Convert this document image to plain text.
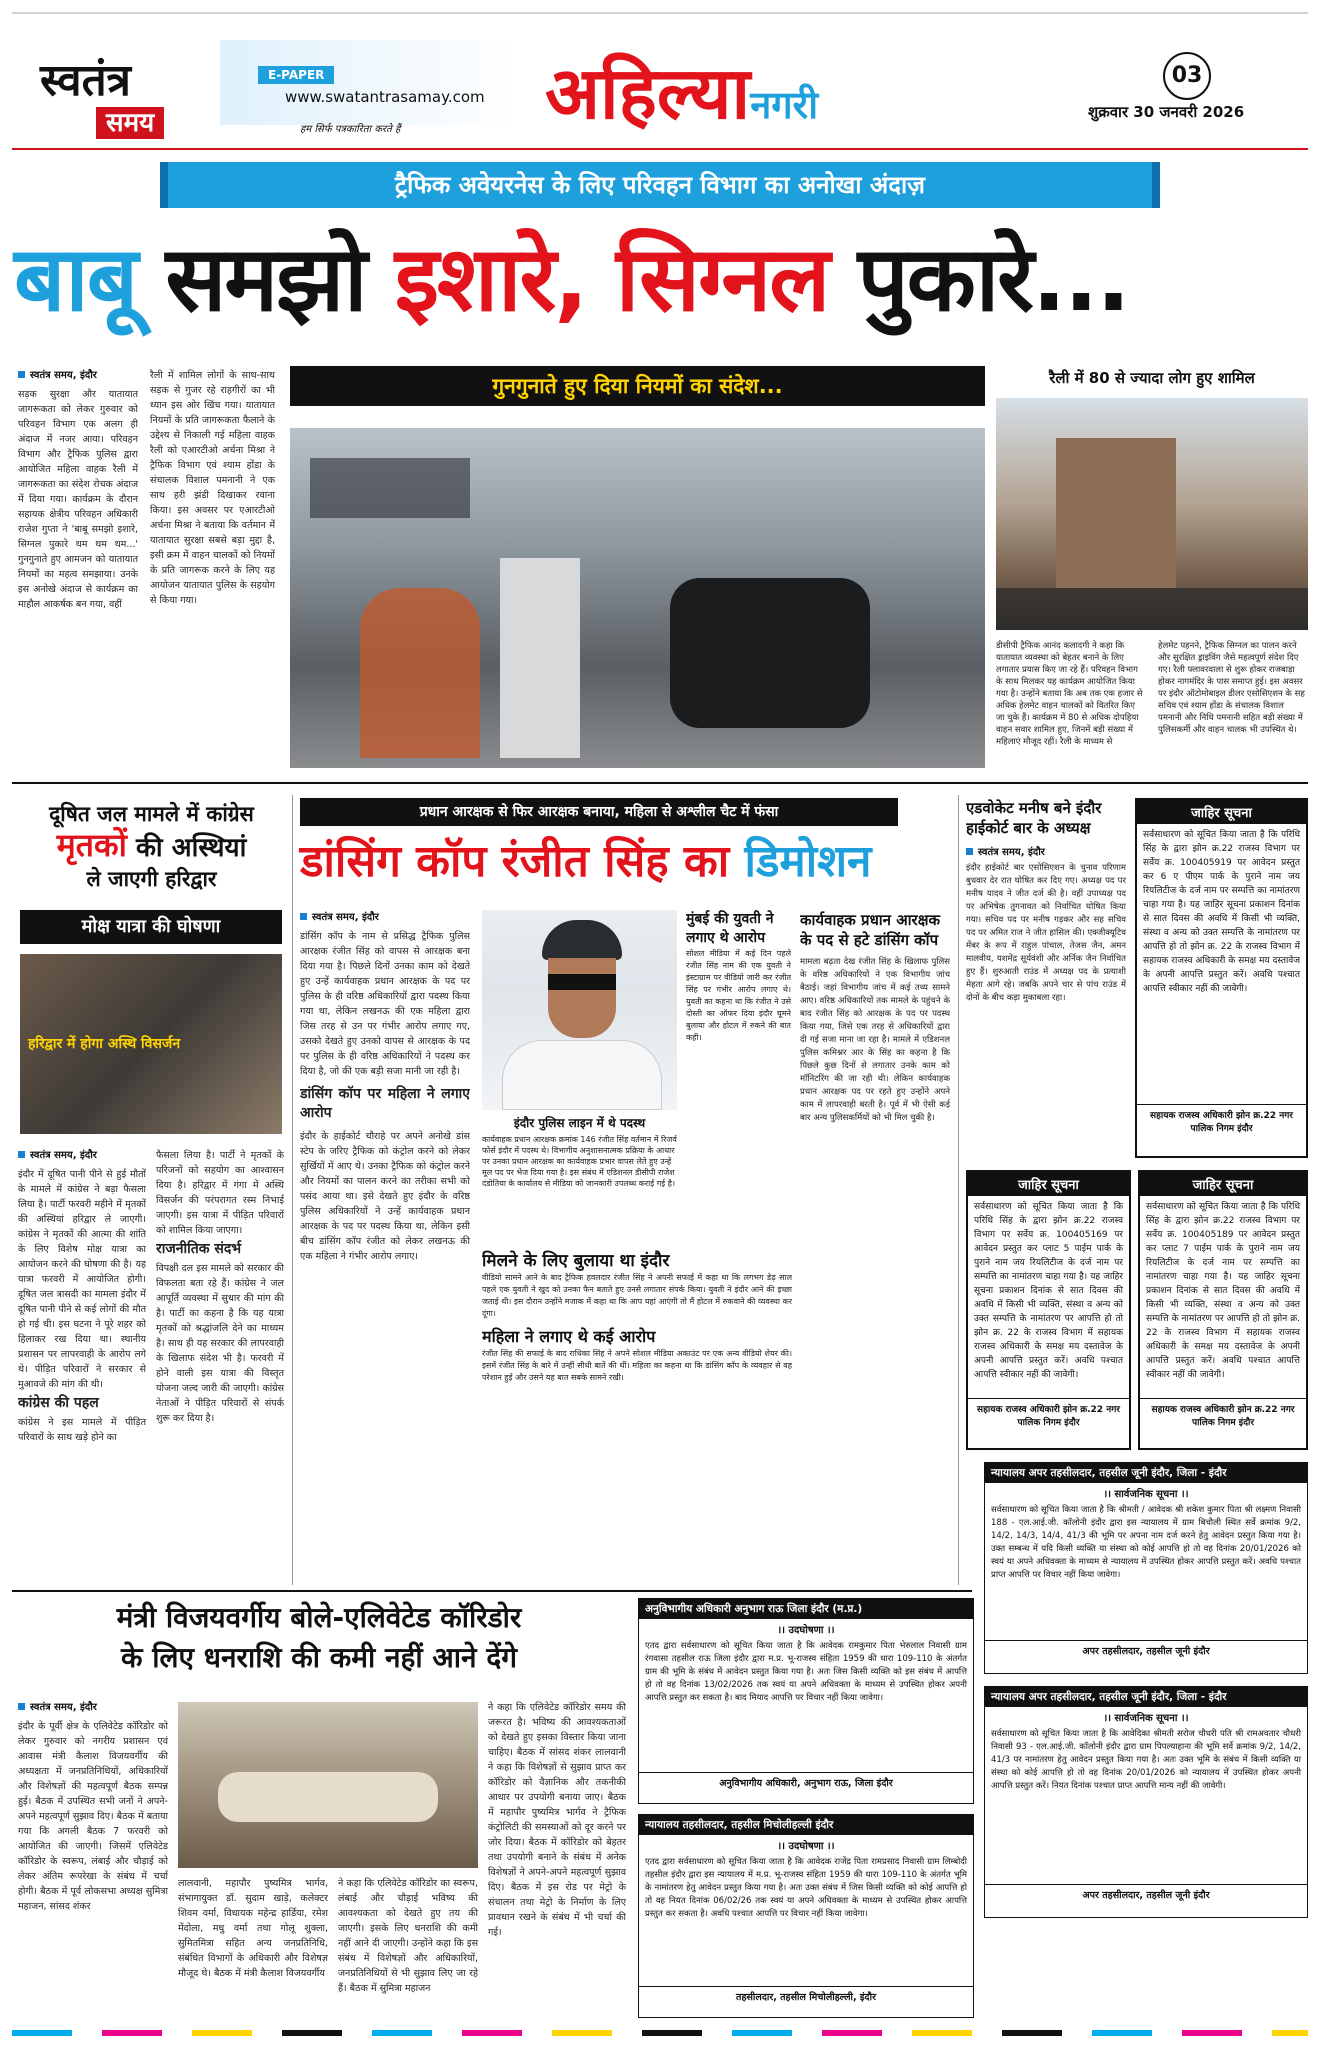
स्वतंत्र
समय
E-PAPER
www.swatantrasamay.com
हम सिर्फ पत्रकारिता करते हैं अहिल्यानगरी
03
शुक्रवार 30 जनवरी 2026
ट्रैफिक अवेयरनेस के लिए परिवहन विभाग का अनोखा अंदाज़
बाबू समझो इशारे, सिग्नल पुकारे...
स्वतंत्र समय, इंदौर
सड़क सुरक्षा और यातायात जागरूकता को लेकर गुरुवार को परिवहन विभाग एक अलग ही अंदाज में नजर आया। परिवहन विभाग और ट्रैफिक पुलिस द्वारा आयोजित महिला वाहक रैली में जागरूकता का संदेश रोचक अंदाज में दिया गया। कार्यक्रम के दौरान सहायक क्षेत्रीय परिवहन अधिकारी राजेश गुप्ता ने 'बाबू समझो इशारे, सिग्नल पुकारे थम थम थम...' गुनगुनाते हुए आमजन को यातायात नियमों का महत्व समझाया। उनके इस अनोखे अंदाज से कार्यक्रम का माहौल आकर्षक बन गया, वहीं
रैली में शामिल लोगों के साथ-साथ सड़क से गुजर रहे राहगीरों का भी ध्यान इस ओर खिंच गया। यातायात नियमों के प्रति जागरूकता फैलाने के उद्देश्य से निकाली गई महिला वाहक रैली को एआरटीओ अर्चना मिश्रा ने ट्रैफिक विभाग एवं श्याम होंडा के संचालक विशाल पमनानी ने एक साथ हरी झंडी दिखाकर रवाना किया। इस अवसर पर एआरटीओ अर्चना मिश्रा ने बताया कि वर्तमान में यातायात सुरक्षा सबसे बड़ा मुद्दा है, इसी क्रम में वाहन चालकों को नियमों के प्रति जागरूक करने के लिए यह आयोजन यातायात पुलिस के सहयोग से किया गया।
गुनगुनाते हुए दिया नियमों का संदेश...	रैली में 80 से ज्यादा लोग हुए शामिल
डीसीपी ट्रैफिक आनंद कलादगी ने कहा कि यातायात व्यवस्था को बेहतर बनाने के लिए लगातार प्रयास किए जा रहे हैं। परिवहन विभाग के साथ मिलकर यह कार्यक्रम आयोजित किया गया है। उन्होंने बताया कि अब तक एक हजार से अधिक हेलमेट वाहन चालकों को वितरित किए जा चुके हैं। कार्यक्रम में 80 से अधिक दोपहिया वाहन सवार शामिल हुए, जिनमें बड़ी संख्या में महिलाएं मौजूद रहीं। रैली के माध्यम से
हेलमेट पहनने, ट्रैफिक सिग्नल का पालन करने और सुरक्षित ड्राइविंग जैसे महत्वपूर्ण संदेश दिए गए। रैली फ्लावरवाला से शुरू होकर राजबाड़ा होकर नागमंदिर के पास समाप्त हुई। इस अवसर पर इंदौर ऑटोमोबाइल डीलर एसोसिएशन के सह सचिव एवं श्याम होंडा के संचालक विशाल पमनानी और निधि पमनानी सहित बड़ी संख्या में पुलिसकर्मी और वाहन चालक भी उपस्थित थे।
दूषित जल मामले में कांग्रेस
मृतकों की अस्थियां
ले जाएगी हरिद्वार
मोक्ष यात्रा की घोषणा
हरिद्वार में होगा अस्थि विसर्जन
स्वतंत्र समय, इंदौर
इंदौर में दूषित पानी पीने से हुई मौतों के मामले में कांग्रेस ने बड़ा फैसला लिया है। पार्टी फरवरी महीने में मृतकों की अस्थियां हरिद्वार ले जाएगी। कांग्रेस ने मृतकों की आत्मा की शांति के लिए विशेष मोक्ष यात्रा का आयोजन करने की घोषणा की है। यह यात्रा फरवरी में आयोजित होगी। दूषित जल त्रासदी का मामला इंदौर में दूषित पानी पीने से कई लोगों की मौत हो गई थी। इस घटना ने पूरे शहर को हिलाकर रख दिया था। स्थानीय प्रशासन पर लापरवाही के आरोप लगे थे। पीड़ित परिवारों ने सरकार से मुआवजे की मांग की थी।
कांग्रेस की पहल
कांग्रेस ने इस मामले में पीड़ित परिवारों के साथ खड़े होने का
फैसला लिया है। पार्टी ने मृतकों के परिजनों को सहयोग का आश्वासन दिया है। हरिद्वार में गंगा में अस्थि विसर्जन की परंपरागत रस्म निभाई जाएगी। इस यात्रा में पीड़ित परिवारों को शामिल किया जाएगा।
राजनीतिक संदर्भ
विपक्षी दल इस मामले को सरकार की विफलता बता रहे हैं। कांग्रेस ने जल आपूर्ति व्यवस्था में सुधार की मांग की है। पार्टी का कहना है कि यह यात्रा मृतकों को श्रद्धांजलि देने का माध्यम है। साथ ही यह सरकार की लापरवाही के खिलाफ संदेश भी है। फरवरी में होने वाली इस यात्रा की विस्तृत योजना जल्द जारी की जाएगी। कांग्रेस नेताओं ने पीड़ित परिवारों से संपर्क शुरू कर दिया है।
प्रधान आरक्षक से फिर आरक्षक बनाया, महिला से अश्लील चैट में फंसा
डांसिंग कॉप रंजीत सिंह का डिमोशन
स्वतंत्र समय, इंदौर
डांसिंग कॉप के नाम से प्रसिद्ध ट्रैफिक पुलिस आरक्षक रंजीत सिंह को वापस से आरक्षक बना दिया गया है। पिछले दिनों उनका काम को देखते हुए उन्हें कार्यवाहक प्रधान आरक्षक के पद पर पुलिस के ही वरिष्ठ अधिकारियों द्वारा पदस्थ किया गया था, लेकिन लखनऊ की एक महिला द्वारा जिस तरह से उन पर गंभीर आरोप लगाए गए, उसको देखते हुए उनको वापस से आरक्षक के पद पर पुलिस के ही वरिष्ठ अधिकारियों ने पदस्थ कर दिया है, जो की एक बड़ी सजा मानी जा रही है।
डांसिंग कॉप पर महिला ने लगाए आरोप
इंदौर के हाईकोर्ट चौराहे पर अपने अनोखे डांस स्टेप के जरिए ट्रैफिक को कंट्रोल करने को लेकर सुर्खियों में आए थे। उनका ट्रैफिक को कंट्रोल करने और नियमों का पालन करने का तरीका सभी को पसंद आया था। इसे देखते हुए इंदौर के वरिष्ठ पुलिस अधिकारियों ने उन्हें कार्यवाहक प्रधान आरक्षक के पद पर पदस्थ किया था, लेकिन इसी बीच डांसिंग कॉप रंजीत को लेकर लखनऊ की एक महिला ने गंभीर आरोप लगाए।
इंदौर पुलिस लाइन में थे पदस्थ
कार्यवाहक प्रधान आरक्षक क्रमांक 146 रंजीत सिंह वर्तमान में रिजर्व फोर्स इंदौर में पदस्थ थे। विभागीय अनुशासनात्मक प्रक्रिया के आधार पर उनका प्रधान आरक्षक का कार्यवाहक प्रभार वापस लेते हुए उन्हें मूल पद पर भेज दिया गया है। इस संबंध में एडिशनल डीसीपी राजेश दंडोतिया के कार्यालय से मीडिया को जानकारी उपलब्ध कराई गई है।
मुंबई की युवती ने लगाए थे आरोप
सोशल मीडिया में कई दिन पहले रंजीत सिंह नाम की एक युवती ने इंस्टाग्राम पर वीडियो जारी कर रंजीत सिंह पर गंभीर आरोप लगाए थे। युवती का कहना था कि रंजीत ने उसे दोस्ती का ऑफर दिया इंदौर घूमने बुलाया और होटल में रुकने की बात कही।
कार्यवाहक प्रधान आरक्षक के पद से हटे डांसिंग कॉप
मामला बढ़ता देख रंजीत सिंह के खिलाफ पुलिस के वरिष्ठ अधिकारियों ने एक विभागीय जांच बैठाई। जहां विभागीय जांच में कई तथ्य सामने आए। वरिष्ठ अधिकारियों तक मामले के पहुंचने के बाद रंजीत सिंह को आरक्षक के पद पर पदस्थ किया गया, जिसे एक तरह से अधिकारियों द्वारा दी गई सजा माना जा रहा है। मामले में एडिशनल पुलिस कमिश्नर आर के सिंह का कहना है कि पिछले कुछ दिनों से लगातार उनके काम को मॉनिटरिंग की जा रही थी। लेकिन कार्यवाहक प्रधान आरक्षक पद पर रहते हुए उन्होंने अपने काम में लापरवाही बरती है। पूर्व में भी ऐसी कई बार अन्य पुलिसकर्मियों को भी मिल चुकी है।
मिलने के लिए बुलाया था इंदौर
वीडियो सामने आने के बाद ट्रैफिक हवलदार रंजीत सिंह ने अपनी सफाई में कहा था कि लगभग डेढ़ साल पहले एक युवती ने खुद को उनका फैन बताते हुए उनसे लगातार संपर्क किया। युवती ने इंदौर आने की इच्छा जताई थी। इस दौरान उन्होंने मजाक में कहा था कि आप यहां आएंगी तो मैं होटल में रुकवाने की व्यवस्था कर दूंगा।
महिला ने लगाए थे कई आरोप
रंजीत सिंह की सफाई के बाद राधिका सिंह ने अपने सोशल मीडिया अकाउंट पर एक अन्य वीडियो शेयर की। इसमें रंजीत सिंह के बारे में उन्हीं सीधी बातें की थीं। महिला का कहना था कि डांसिंग कॉप के व्यवहार से वह परेशान हुई और उसने यह बात सबके सामने रखी।
एडवोकेट मनीष बने इंदौर हाईकोर्ट बार के अध्यक्ष
स्वतंत्र समय, इंदौर
इंदौर हाईकोर्ट बार एसोसिएशन के चुनाव परिणाम बुधवार देर रात घोषित कर दिए गए। अध्यक्ष पद पर मनीष यादव ने जीत दर्ज की है। वहीं उपाध्यक्ष पद पर अभिषेक तुगनावत को निर्वाचित घोषित किया गया। सचिव पद पर मनीष गड़कर और सह सचिव पद पर अमित राज ने जीत हासिल की। एक्जीक्यूटिव मेंबर के रूप में राहुल पांचाल, तेजस जैन, अमन मालवीय, यशमेंद्र सूर्यवंशी और अर्निक जैन निर्वाचित हुए हैं। शुरुआती राउंड में अध्यक्ष पद के प्रत्याशी मेहता आगे रहे। जबकि अपने चार से पांच राउंड में दोनों के बीच कड़ा मुकाबला रहा।
जाहिर सूचना
सर्वसाधारण को सूचित किया जाता है कि परिधि सिंह के द्वारा झोन क्र.22 राजस्व विभाग पर सर्वेय क्र. 100405919 पर आवेदन प्रस्तुत कर 6 ए पीएम पार्क के पुराने नाम जय रियलिटीज के दर्ज नाम पर सम्पत्ति का नामांतरण चाहा गया है। यह जाहिर सूचना प्रकाशन दिनांक से सात दिवस की अवधि में किसी भी व्यक्ति, संस्था व अन्य को उक्त सम्पत्ति के नामांतरण पर आपत्ति हो तो झोन क्र. 22 के राजस्व विभाग में सहायक राजस्व अधिकारी के समक्ष मय दस्तावेज के अपनी आपत्ति प्रस्तुत करें। अवधि पश्चात आपत्ति स्वीकार नहीं की जावेगी।
सहायक राजस्व अधिकारी झोन क्र.22 नगर पालिक निगम इंदौर
जाहिर सूचना
सर्वसाधारण को सूचित किया जाता है कि परिधि सिंह के द्वारा झोन क्र.22 राजस्व विभाग पर सर्वेय क्र. 100405169 पर आवेदन प्रस्तुत कर प्लाट 5 पाईम पार्क के पुराने नाम जय रियलिटीज के दर्ज नाम पर सम्पत्ति का नामांतरण चाहा गया है। यह जाहिर सूचना प्रकाशन दिनांक से सात दिवस की अवधि में किसी भी व्यक्ति, संस्था व अन्य को उक्त सम्पत्ति के नामांतरण पर आपत्ति हो तो झोन क्र. 22 के राजस्व विभाग में सहायक राजस्व अधिकारी के समक्ष मय दस्तावेज के अपनी आपत्ति प्रस्तुत करें। अवधि पश्चात आपत्ति स्वीकार नहीं की जावेगी।
सहायक राजस्व अधिकारी झोन क्र.22 नगर पालिक निगम इंदौर
जाहिर सूचना
सर्वसाधारण को सूचित किया जाता है कि परिधि सिंह के द्वारा झोन क्र.22 राजस्व विभाग पर सर्वेय क्र. 100405189 पर आवेदन प्रस्तुत कर प्लाट 7 पाईम पार्क के पुराने नाम जय रियलिटीज के दर्ज नाम पर सम्पत्ति का नामांतरण चाहा गया है। यह जाहिर सूचना प्रकाशन दिनांक से सात दिवस की अवधि में किसी भी व्यक्ति, संस्था व अन्य को उक्त सम्पत्ति के नामांतरण पर आपत्ति हो तो झोन क्र. 22 के राजस्व विभाग में सहायक राजस्व अधिकारी के समक्ष मय दस्तावेज के अपनी आपत्ति प्रस्तुत करें। अवधि पश्चात आपत्ति स्वीकार नहीं की जावेगी।
सहायक राजस्व अधिकारी झोन क्र.22 नगर पालिक निगम इंदौर
न्यायालय अपर तहसीलदार, तहसील जूनी इंदौर, जिला - इंदौर
।। सार्वजनिक सूचना ।।
सर्वसाधारण को सूचित किया जाता है कि श्रीमती / आवेदक श्री शकेश कुमार पिता श्री लक्ष्मण निवासी 188 - एल.आई.जी. कॉलोनी इंदौर द्वारा इस न्यायालय में ग्राम बिचौली स्थित सर्वे क्रमांक 9/2, 14/2, 14/3, 14/4, 41/3 की भूमि पर अपना नाम दर्ज करने हेतु आवेदन प्रस्तुत किया गया है। उक्त सम्बन्ध में यदि किसी व्यक्ति या संस्था को कोई आपत्ति हो तो वह दिनांक 20/01/2026 को स्वयं या अपने अधिवक्ता के माध्यम से न्यायालय में उपस्थित होकर आपत्ति प्रस्तुत करें। अवधि पश्चात प्राप्त आपत्ति पर विचार नहीं किया जावेगा।
अपर तहसीलदार, तहसील जूनी इंदौर
न्यायालय अपर तहसीलदार, तहसील जूनी इंदौर, जिला - इंदौर
।। सार्वजनिक सूचना ।।
सर्वसाधारण को सूचित किया जाता है कि आवेदिका श्रीमती सरोज चौधरी पति श्री रामअवतार चौधरी निवासी 93 - एल.आई.जी. कॉलोनी इंदौर द्वारा ग्राम पिपल्याहाना की भूमि सर्वे क्रमांक 9/2, 14/2, 41/3 पर नामांतरण हेतु आवेदन प्रस्तुत किया गया है। अतः उक्त भूमि के संबंध में किसी व्यक्ति या संस्था को कोई आपत्ति हो तो वह दिनांक 20/01/2026 को न्यायालय में उपस्थित होकर अपनी आपत्ति प्रस्तुत करें। नियत दिनांक पश्चात प्राप्त आपत्ति मान्य नहीं की जावेगी।
अपर तहसीलदार, तहसील जूनी इंदौर
मंत्री विजयवर्गीय बोले-एलिवेटेड कॉरिडोर
के लिए धनराशि की कमी नहीं आने देंगे
स्वतंत्र समय, इंदौर
इंदौर के पूर्वी क्षेत्र के एलिवेटेड कॉरिडोर को लेकर गुरुवार को नगरीय प्रशासन एवं आवास मंत्री कैलाश विजयवर्गीय की अध्यक्षता में जनप्रतिनिधियों, अधिकारियों और विशेषज्ञों की महत्वपूर्ण बैठक सम्पन्न हुई। बैठक में उपस्थित सभी जनों ने अपने-अपने महत्वपूर्ण सुझाव दिए। बैठक में बताया गया कि अगली बैठक 7 फरवरी को आयोजित की जाएगी। जिसमें एलिवेटेड कॉरिडोर के स्वरूप, लंबाई और चौड़ाई को लेकर अंतिम रूपरेखा के संबंध में चर्चा होगी। बैठक में पूर्व लोकसभा अध्यक्ष सुमित्रा महाजन, सांसद शंकर
लालवानी, महापौर पुष्यमित्र भार्गव, संभागायुक्त डॉ. सुदाम खाड़े, कलेक्टर शिवम वर्मा, विधायक महेन्द्र हार्डिया, रमेश मेंदोला, मधु वर्मा तथा गोलू शुक्ला, सुमितमित्रा सहित अन्य जनप्रतिनिधि, संबंधित विभागों के अधिकारी और विशेषज्ञ मौजूद थे। बैठक में मंत्री कैलाश विजयवर्गीय
ने कहा कि एलिवेटेड कॉरिडोर का स्वरूप, लंबाई और चौड़ाई भविष्य की आवश्यकता को देखते हुए तय की जाएगी। इसके लिए धनराशि की कमी नहीं आने दी जाएगी। उन्होंने कहा कि इस संबंध में विशेषज्ञों और अधिकारियों, जनप्रतिनिधियों से भी सुझाव लिए जा रहे हैं। बैठक में सुमित्रा महाजन
ने कहा कि एलिवेटेड कॉरिडोर समय की जरूरत है। भविष्य की आवश्यकताओं को देखते हुए इसका विस्तार किया जाना चाहिए। बैठक में सांसद शंकर लालवानी ने कहा कि विशेषज्ञों से सुझाव प्राप्त कर कॉरिडोर को वैज्ञानिक और तकनीकी आधार पर उपयोगी बनाया जाए। बैठक में महापौर पुष्यमित्र भार्गव ने ट्रैफिक कंट्रोलिटी की समस्याओं को दूर करने पर जोर दिया। बैठक में कॉरिडोर को बेहतर तथा उपयोगी बनाने के संबंध में अनेक विशेषज्ञों ने अपने-अपने महत्वपूर्ण सुझाव दिए। बैठक में इस रोड पर मेट्रो के संचालन तथा मेट्रो के निर्माण के लिए प्रावधान रखने के संबंध में भी चर्चा की गई।
अनुविभागीय अधिकारी अनुभाग राऊ जिला इंदौर (म.प्र.)
।। उदघोषणा ।।
एतद द्वारा सर्वसाधारण को सूचित किया जाता है कि आवेदक रामकुमार पिता भेरुलाल निवासी ग्राम रंगवासा तहसील राऊ जिला इंदौर द्वारा म.प्र. भू-राजस्व संहिता 1959 की धारा 109-110 के अंतर्गत ग्राम की भूमि के संबंध में आवेदन प्रस्तुत किया गया है। अतः जिस किसी व्यक्ति को इस संबंध में आपत्ति हो तो वह दिनांक 13/02/2026 तक स्वयं या अपने अधिवक्ता के माध्यम से उपस्थित होकर अपनी आपत्ति प्रस्तुत कर सकता है। बाद मियाद आपत्ति पर विचार नहीं किया जावेगा।
अनुविभागीय अधिकारी, अनुभाग राऊ, जिला इंदौर
न्यायालय तहसीलदार, तहसील मिचोलीहल्ली इंदौर
।। उदघोषणा ।।
एतद द्वारा सर्वसाधारण को सूचित किया जाता है कि आवेदक राजेंद्र पिता रामप्रसाद निवासी ग्राम लिम्बोदी तहसील इंदौर द्वारा इस न्यायालय में म.प्र. भू-राजस्व संहिता 1959 की धारा 109-110 के अंतर्गत भूमि के नामांतरण हेतु आवेदन प्रस्तुत किया गया है। अतः उक्त संबंध में जिस किसी व्यक्ति को कोई आपत्ति हो तो वह नियत दिनांक 06/02/26 तक स्वयं या अपने अधिवक्ता के माध्यम से उपस्थित होकर आपत्ति प्रस्तुत कर सकता है। अवधि पश्चात आपत्ति पर विचार नहीं किया जावेगा।
तहसीलदार, तहसील मिचोलीहल्ली, इंदौर
